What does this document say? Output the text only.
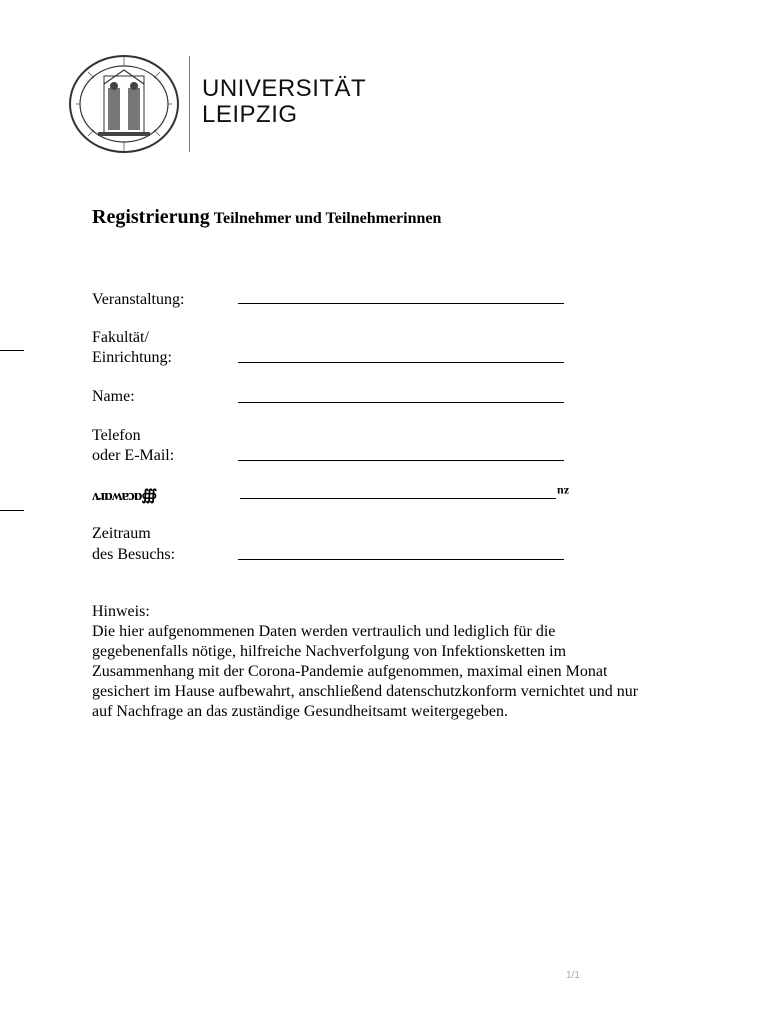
UNIVERSITÄT
LEIPZIG
Registrierung Teilnehmer und Teilnehmerinnen
Veranstaltung:
Fakultät/
Einrichtung:
Name:
Telefon
oder E-Mail:
ʌɹɒʍɐɔɒ∰	zu
Zeitraum
des Besuchs:
Hinweis:
Die hier aufgenommenen Daten werden vertraulich und lediglich für die gegebenenfalls nötige, hilfreiche Nachverfolgung von Infektionsketten im Zusammenhang mit der Corona-Pandemie aufgenommen, maximal einen Monat gesichert im Hause aufbewahrt, anschließend datenschutzkonform vernichtet und nur auf Nachfrage an das zuständige Gesundheitsamt weitergegeben.
1/1
